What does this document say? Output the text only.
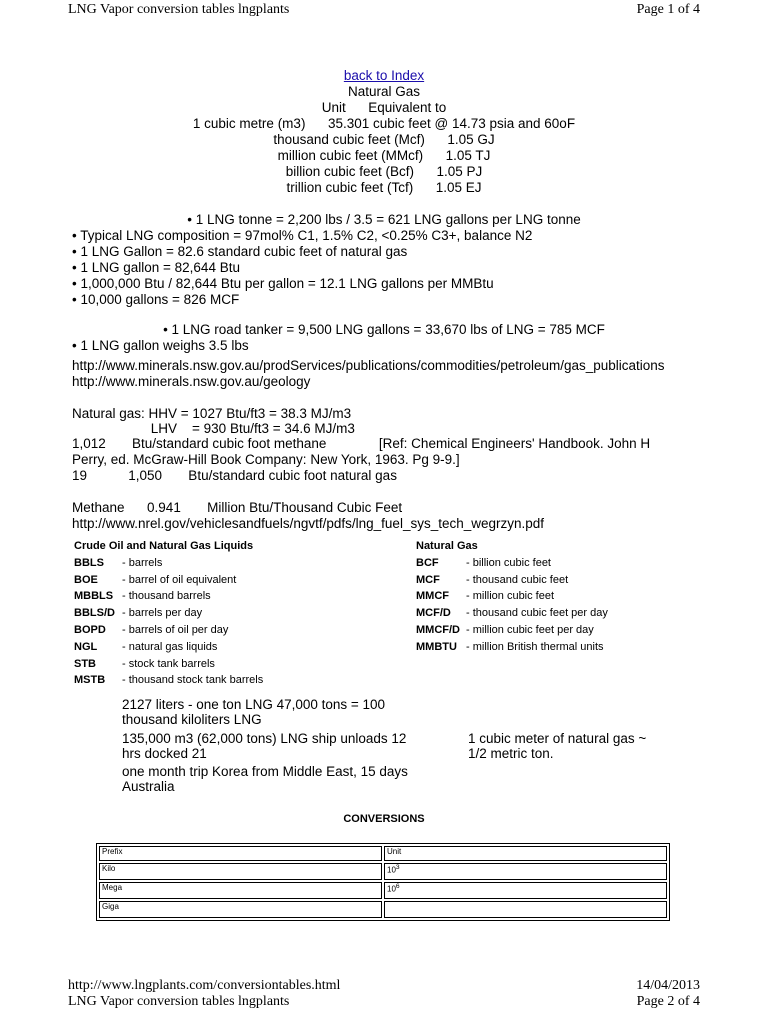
LNG Vapor conversion tables lngplants	Page 1 of 4
back to Index
Natural Gas
Unit      Equivalent to
1 cubic metre (m3)      35.301 cubic feet @ 14.73 psia and 60oF
thousand cubic feet (Mcf)      1.05 GJ
million cubic feet (MMcf)      1.05 TJ
billion cubic feet (Bcf)      1.05 PJ
trillion cubic feet (Tcf)      1.05 EJ
• 1 LNG tonne = 2,200 lbs / 3.5 = 621 LNG gallons per LNG tonne
• Typical LNG composition = 97mol% C1, 1.5% C2, <0.25% C3+, balance N2
• 1 LNG Gallon = 82.6 standard cubic feet of natural gas
• 1 LNG gallon = 82,644 Btu
• 1,000,000 Btu / 82,644 Btu per gallon = 12.1 LNG gallons per MMBtu
• 10,000 gallons = 826 MCF
• 1 LNG road tanker = 9,500 LNG gallons = 33,670 lbs of LNG = 785 MCF
• 1 LNG gallon weighs 3.5 lbs
http://www.minerals.nsw.gov.au/prodServices/publications/commodities/petroleum/gas_publications
http://www.minerals.nsw.gov.au/geology
Natural gas: HHV = 1027 Btu/ft3 = 38.3 MJ/m3
LHV    = 930 Btu/ft3 = 34.6 MJ/m3
1,012       Btu/standard cubic foot methane              [Ref: Chemical Engineers' Handbook. John H
Perry, ed. McGraw-Hill Book Company: New York, 1963. Pg 9-9.]
19           1,050       Btu/standard cubic foot natural gas
Methane      0.941       Million Btu/Thousand Cubic Feet
http://www.nrel.gov/vehiclesandfuels/ngvtf/pdfs/lng_fuel_sys_tech_wegrzyn.pdf
Crude Oil and Natural Gas Liquids
BBLS - barrels
BOE - barrel of oil equivalent
MBBLS - thousand barrels
BBLS/D - barrels per day
BOPD - barrels of oil per day
NGL - natural gas liquids
STB - stock tank barrels
MSTB - thousand stock tank barrels
Natural Gas
BCF - billion cubic feet
MCF - thousand cubic feet
MMCF - million cubic feet
MCF/D - thousand cubic feet per day
MMCF/D - million cubic feet per day
MMBTU - million British thermal units
2127 liters - one ton LNG 47,000 tons = 100 thousand kiloliters LNG
135,000 m3 (62,000 tons) LNG ship unloads 12 hrs docked 21
one month trip Korea from Middle East, 15 days Australia
1 cubic meter of natural gas ~ 1/2 metric ton.
CONVERSIONS
Prefix	Unit
Kilo	$10^3$
Mega	$10^6$
Giga	
http://www.lngplants.com/conversiontables.html	14/04/2013
LNG Vapor conversion tables lngplants	Page 2 of 4
